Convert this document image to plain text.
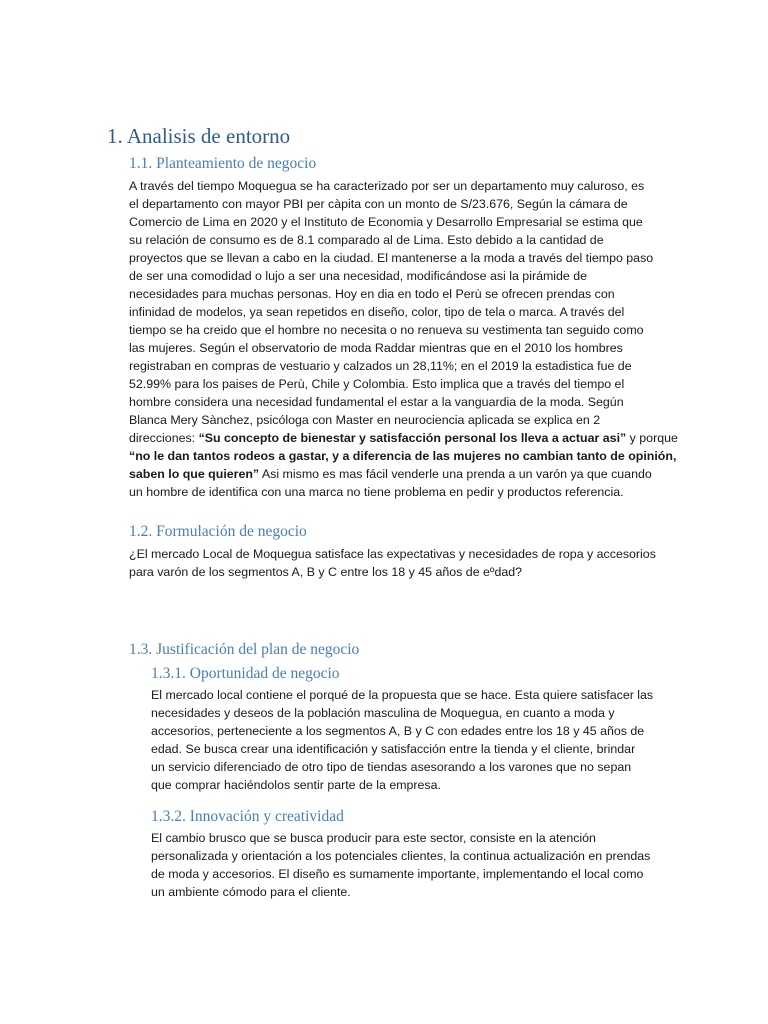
1. Analisis de entorno
1.1. Planteamiento de negocio
A través del tiempo Moquegua se ha caracterizado por ser un departamento muy caluroso, es
el departamento con mayor PBI per càpita con un monto de S/23.676, Según la cámara de
Comercio de Lima en 2020 y el Instituto de Economia y Desarrollo Empresarial se estima que
su relación de consumo es de 8.1 comparado al de Lima. Esto debido a la cantidad de
proyectos que se llevan a cabo en la ciudad. El mantenerse a la moda a través del tiempo paso
de ser una comodidad o lujo a ser una necesidad, modificándose asi la pirámide de
necesidades para muchas personas. Hoy en dia en todo el Perù se ofrecen prendas con
infinidad de modelos, ya sean repetidos en diseño, color, tipo de tela o marca. A través del
tiempo se ha creido que el hombre no necesita o no renueva su vestimenta tan seguido como
las mujeres. Según el observatorio de moda Raddar mientras que en el 2010 los hombres
registraban en compras de vestuario y calzados un 28,11%; en el 2019 la estadistica fue de
52.99% para los paises de Perù, Chile y Colombia. Esto implica que a través del tiempo el
hombre considera una necesidad fundamental el estar a la vanguardia de la moda. Según
Blanca Mery Sànchez, psicóloga con Master en neurociencia aplicada se explica en 2
direcciones: “Su concepto de bienestar y satisfacción personal los lleva a actuar asi” y porque
“no le dan tantos rodeos a gastar, y a diferencia de las mujeres no cambian tanto de opinión,
saben lo que quieren” Asi mismo es mas fácil venderle una prenda a un varón ya que cuando
un hombre de identifica con una marca no tiene problema en pedir y productos referencia.
1.2. Formulación de negocio
¿El mercado Local de Moquegua satisface las expectativas y necesidades de ropa y accesorios
para varón de los segmentos A, B y C entre los 18 y 45 años de eºdad?
1.3. Justificación del plan de negocio
1.3.1. Oportunidad de negocio
El mercado local contiene el porqué de la propuesta que se hace. Esta quiere satisfacer las
necesidades y deseos de la población masculina de Moquegua, en cuanto a moda y
accesorios, perteneciente a los segmentos A, B y C con edades entre los 18 y 45 años de
edad. Se busca crear una identificación y satisfacción entre la tienda y el cliente, brindar
un servicio diferenciado de otro tipo de tiendas asesorando a los varones que no sepan
que comprar haciéndolos sentir parte de la empresa.
1.3.2. Innovación y creatividad
El cambio brusco que se busca producir para este sector, consiste en la atención
personalizada y orientación a los potenciales clientes, la continua actualización en prendas
de moda y accesorios. El diseño es sumamente importante, implementando el local como
un ambiente cómodo para el cliente.
